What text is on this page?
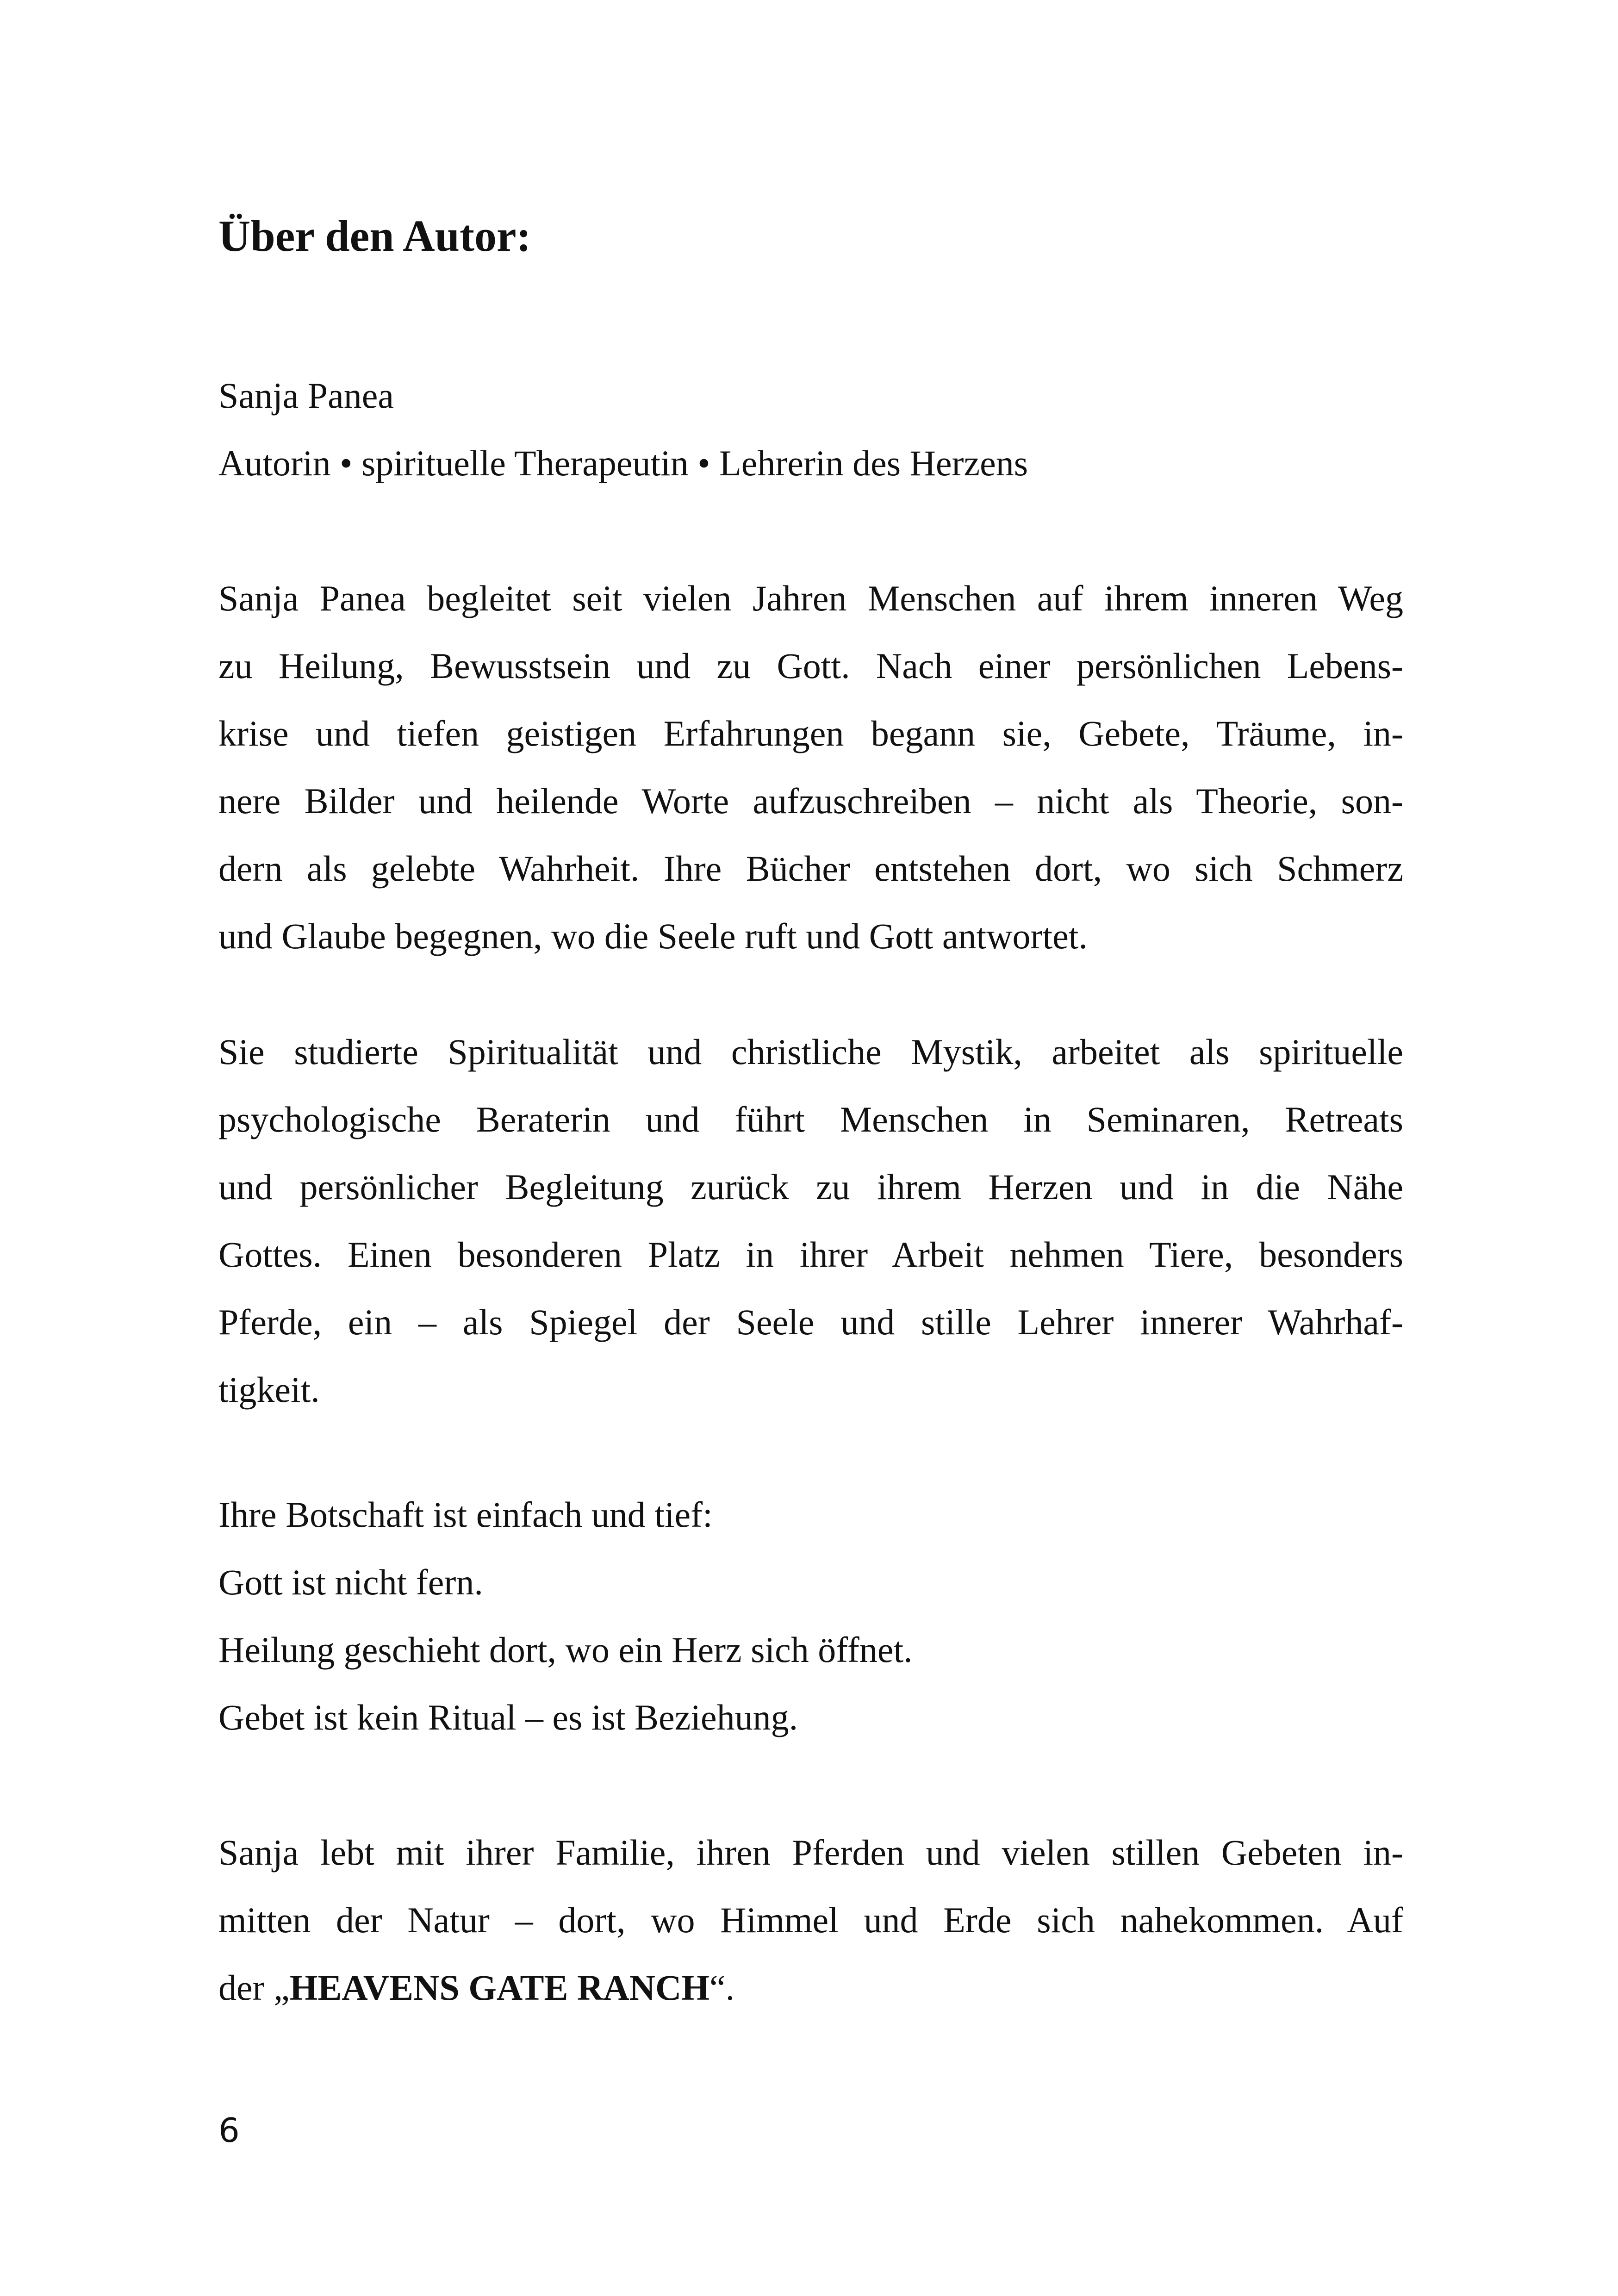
Über den Autor:

Sanja Panea

Autorin • spirituelle Therapeutin • Lehrerin des Herzens

Sanja Panea begleitet seit vielen Jahren Menschen auf ihrem inneren Weg
zu Heilung, Bewusstsein und zu Gott. Nach einer persönlichen Lebens-
krise und tiefen geistigen Erfahrungen begann sie, Gebete, Träume, in-
nere Bilder und heilende Worte aufzuschreiben – nicht als Theorie, son-
dern als gelebte Wahrheit. Ihre Bücher entstehen dort, wo sich Schmerz
und Glaube begegnen, wo die Seele ruft und Gott antwortet.
Sie studierte Spiritualität und christliche Mystik, arbeitet als spirituelle
psychologische Beraterin und führt Menschen in Seminaren, Retreats
und persönlicher Begleitung zurück zu ihrem Herzen und in die Nähe
Gottes. Einen besonderen Platz in ihrer Arbeit nehmen Tiere, besonders
Pferde, ein – als Spiegel der Seele und stille Lehrer innerer Wahrhaf-
tigkeit.
Ihre Botschaft ist einfach und tief:
Gott ist nicht fern.
Heilung geschieht dort, wo ein Herz sich öffnet.
Gebet ist kein Ritual – es ist Beziehung.
Sanja lebt mit ihrer Familie, ihren Pferden und vielen stillen Gebeten in-
mitten der Natur – dort, wo Himmel und Erde sich nahekommen. Auf
der „HEAVENS GATE RANCH“.

6
